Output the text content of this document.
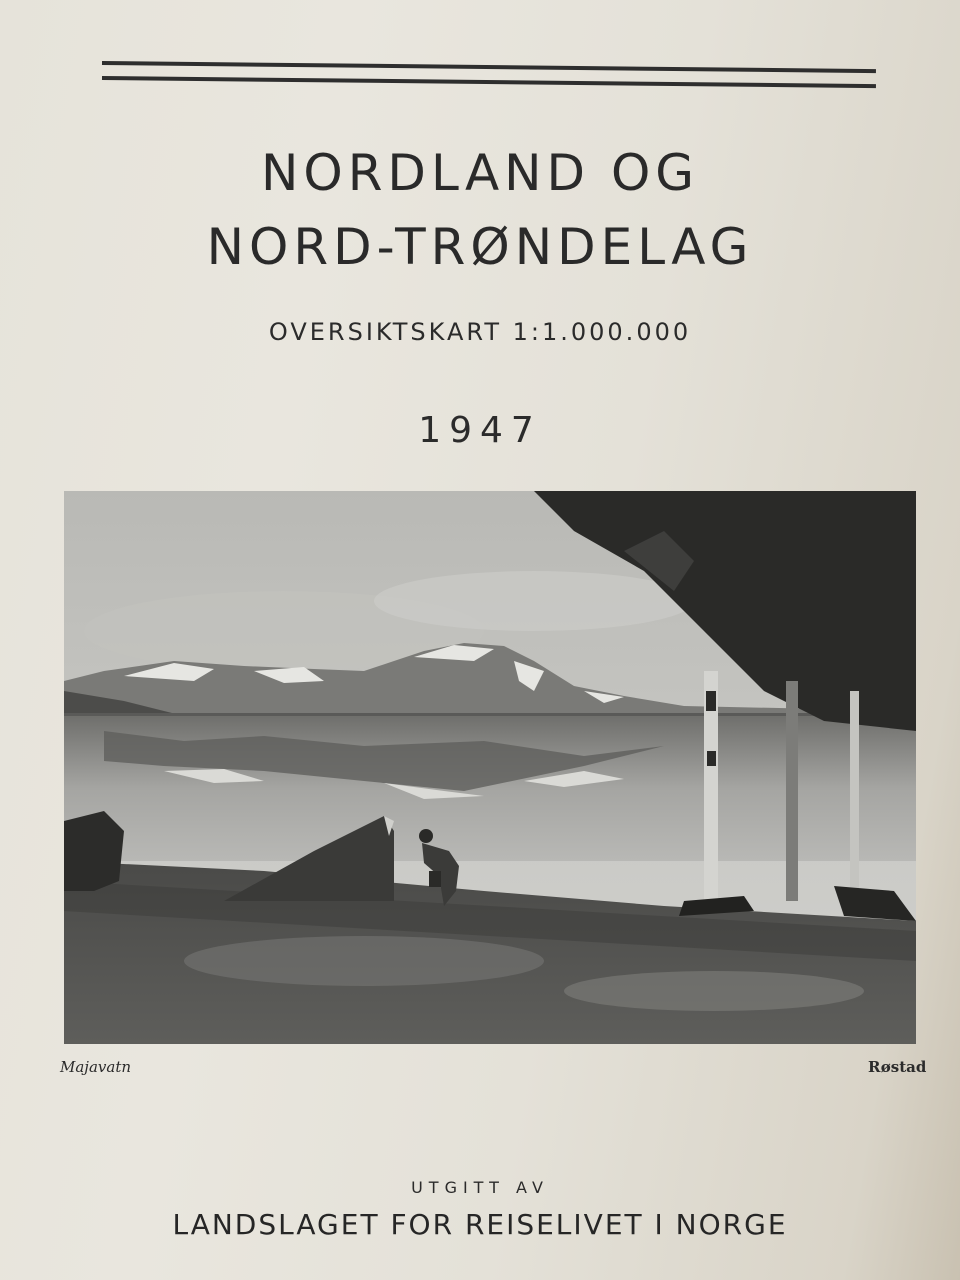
NORDLAND OG
NORD-TRØNDELAG
OVERSIKTSKART 1:1.000.000
1947
Majavatn	Røstad
UTGITT AV
LANDSLAGET FOR REISELIVET I NORGE
